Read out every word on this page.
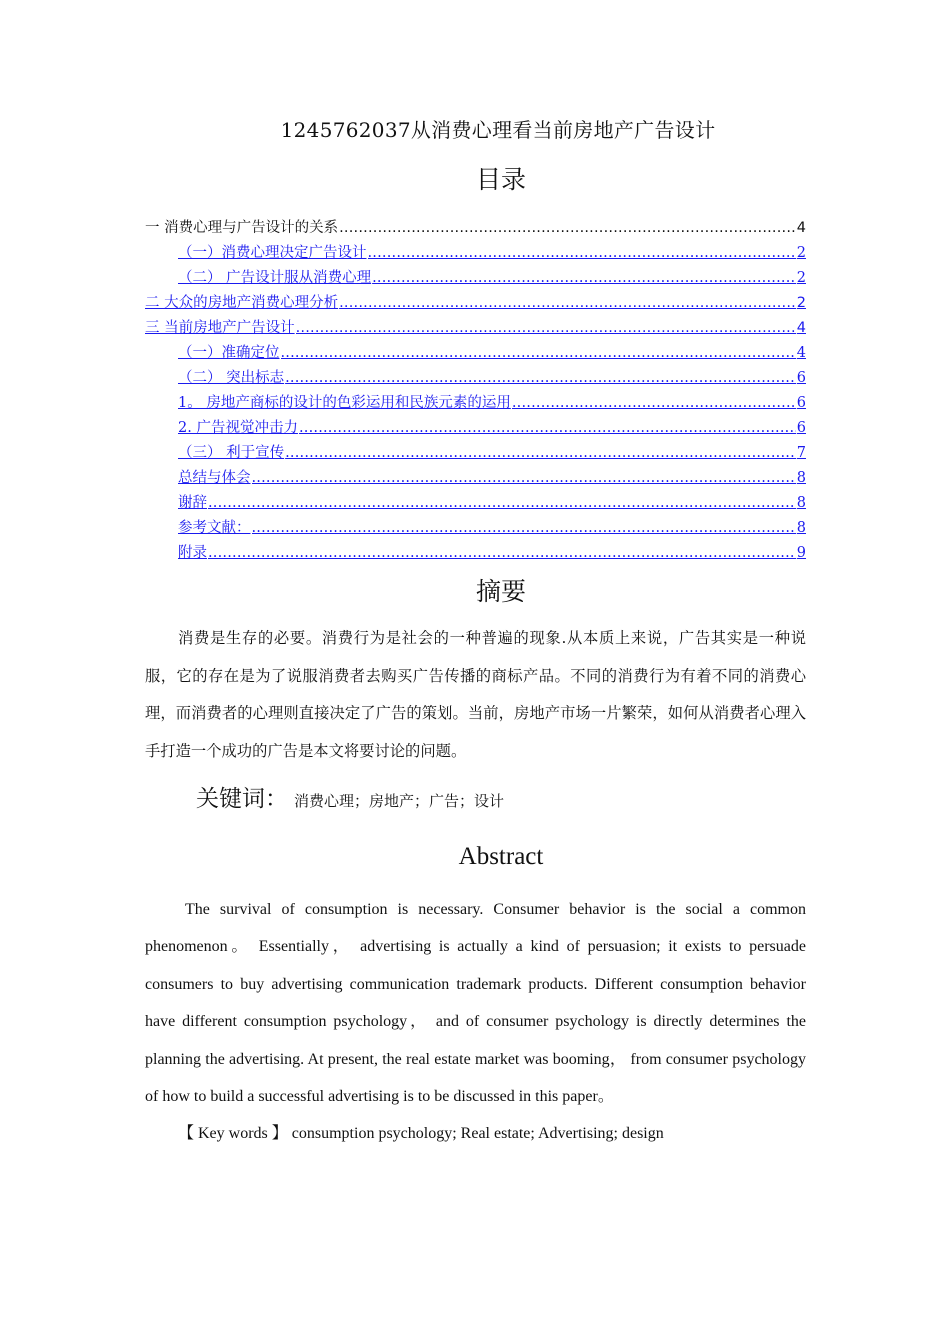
1245762037从消费心理看当前房地产广告设计
目录
一 消费心理与广告设计的关系 .....	4
（一）消费心理决定广告设计 .....	2
（二） 广告设计服从消费心理 .....	2
二 大众的房地产消费心理分析 .....	2
三 当前房地产广告设计 .....	4
（一）准确定位 .....	4
（二） 突出标志 .....	6
1。 房地产商标的设计的色彩运用和民族元素的运用 .....	6
2. 广告视觉冲击力 .....	6
（三） 利于宣传 .....	7
总结与体会 .....	8
谢辞 .....	8
参考文献： .....	8
附录 .....	9
摘要
消费是生存的必要。消费行为是社会的一种普遍的现象.从本质上来说，广告其实是一种说服，它的存在是为了说服消费者去购买广告传播的商标产品。不同的消费行为有着不同的消费心理，而消费者的心理则直接决定了广告的策划。当前，房地产市场一片繁荣，如何从消费者心理入手打造一个成功的广告是本文将要讨论的问题。
关键词： 消费心理；房地产；广告；设计
Abstract
The survival of consumption is necessary. Consumer behavior is the social a common phenomenon。 Essentially， advertising is actually a kind of persuasion; it exists to persuade consumers to buy advertising communication trademark products. Different consumption behavior have different consumption psychology， and of consumer psychology is directly determines the planning the advertising. At present, the real estate market was booming， from consumer psychology of how to build a successful advertising is to be discussed in this paper。
【 Key words 】 consumption psychology; Real estate; Advertising; design
